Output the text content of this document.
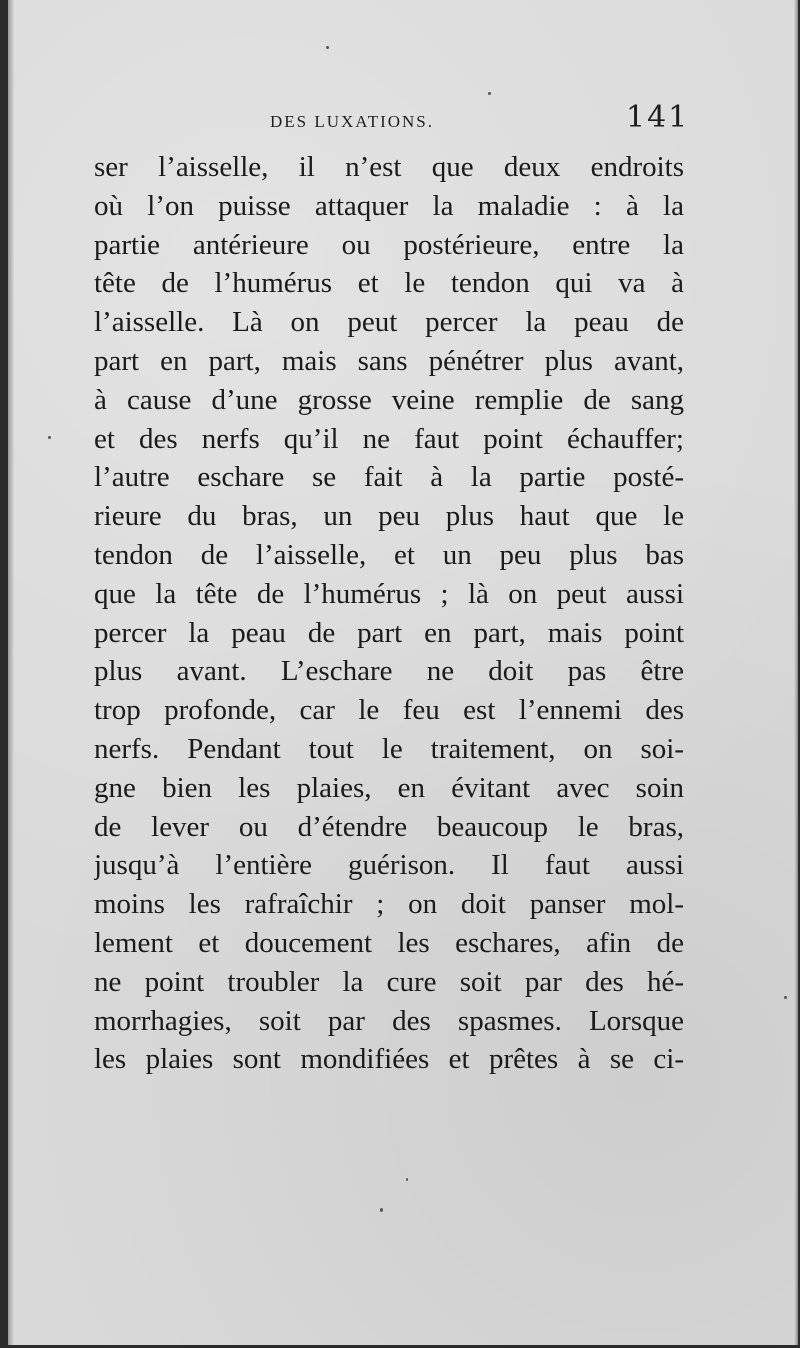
DES LUXATIONS.	141
ser l’aisselle, il n’est que deux endroits
où l’on puisse attaquer la maladie : à la
partie antérieure ou postérieure, entre la
tête de l’humérus et le tendon qui va à
l’aisselle. Là on peut percer la peau de
part en part, mais sans pénétrer plus avant,
à cause d’une grosse veine remplie de sang
et des nerfs qu’il ne faut point échauffer;
l’autre eschare se fait à la partie posté-
rieure du bras, un peu plus haut que le
tendon de l’aisselle, et un peu plus bas
que la tête de l’humérus ; là on peut aussi
percer la peau de part en part, mais point
plus avant. L’eschare ne doit pas être
trop profonde, car le feu est l’ennemi des
nerfs. Pendant tout le traitement, on soi-
gne bien les plaies, en évitant avec soin
de lever ou d’étendre beaucoup le bras,
jusqu’à l’entière guérison. Il faut aussi
moins les rafraîchir ; on doit panser mol-
lement et doucement les eschares, afin de
ne point troubler la cure soit par des hé-
morrhagies, soit par des spasmes. Lorsque
les plaies sont mondifiées et prêtes à se ci-
